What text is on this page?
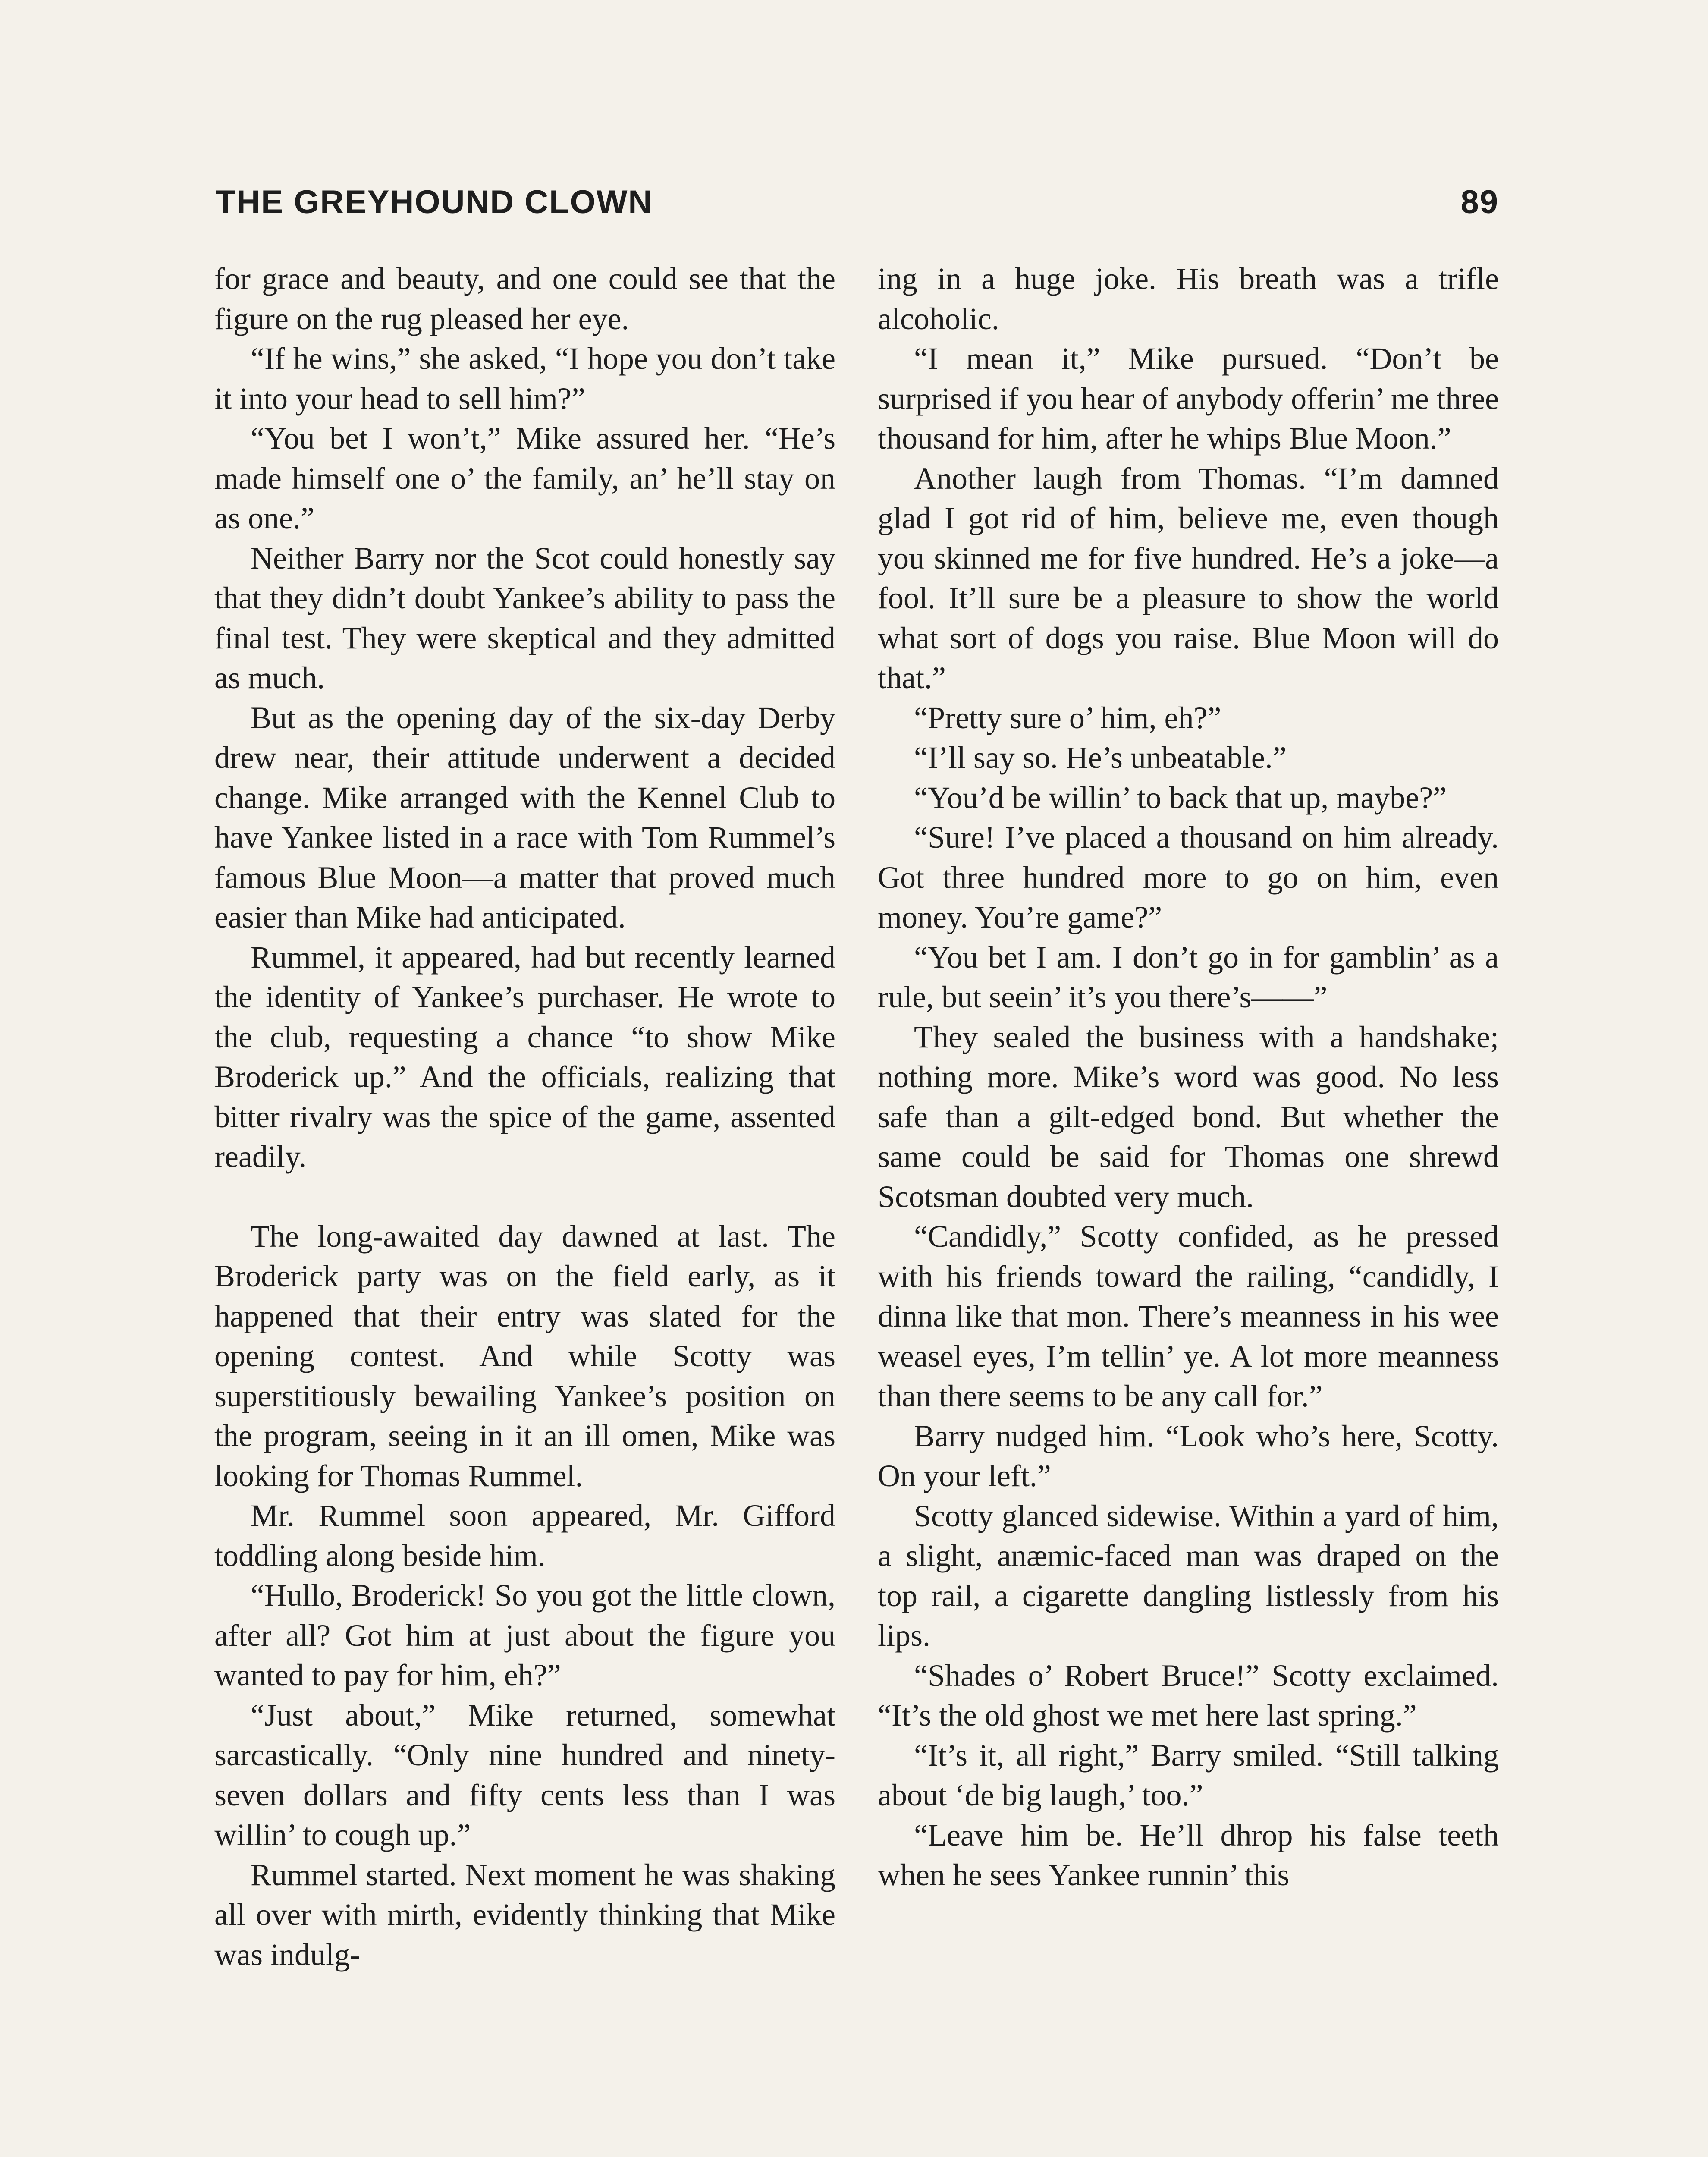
THE GREYHOUND CLOWN	89

for grace and beauty, and one could see that the figure on the rug pleased her eye.

“If he wins,” she asked, “I hope you don’t take it into your head to sell him?”

“You bet I won’t,” Mike assured her. “He’s made himself one o’ the family, an’ he’ll stay on as one.”

Neither Barry nor the Scot could honestly say that they didn’t doubt Yankee’s ability to pass the final test. They were skeptical and they admitted as much.

But as the opening day of the six-day Derby drew near, their attitude underwent a decided change. Mike arranged with the Kennel Club to have Yankee listed in a race with Tom Rummel’s famous Blue Moon—a matter that proved much easier than Mike had anticipated.

Rummel, it appeared, had but recently learned the identity of Yankee’s purchaser. He wrote to the club, requesting a chance “to show Mike Broderick up.” And the officials, realizing that bitter rivalry was the spice of the game, assented readily.

The long-awaited day dawned at last. The Broderick party was on the field early, as it happened that their entry was slated for the opening contest. And while Scotty was superstitiously bewailing Yankee’s position on the program, seeing in it an ill omen, Mike was looking for Thomas Rummel.

Mr. Rummel soon appeared, Mr. Gifford toddling along beside him.

“Hullo, Broderick! So you got the little clown, after all? Got him at just about the figure you wanted to pay for him, eh?”

“Just about,” Mike returned, somewhat sarcastically. “Only nine hundred and ninety-seven dollars and fifty cents less than I was willin’ to cough up.”

Rummel started. Next moment he was shaking all over with mirth, evidently thinking that Mike was indulg-

ing in a huge joke. His breath was a trifle alcoholic.

“I mean it,” Mike pursued. “Don’t be surprised if you hear of anybody offerin’ me three thousand for him, after he whips Blue Moon.”

Another laugh from Thomas. “I’m damned glad I got rid of him, believe me, even though you skinned me for five hundred. He’s a joke—a fool. It’ll sure be a pleasure to show the world what sort of dogs you raise. Blue Moon will do that.”

“Pretty sure o’ him, eh?”

“I’ll say so. He’s unbeatable.”

“You’d be willin’ to back that up, maybe?”

“Sure! I’ve placed a thousand on him already. Got three hundred more to go on him, even money. You’re game?”

“You bet I am. I don’t go in for gamblin’ as a rule, but seein’ it’s you there’s——”

They sealed the business with a handshake; nothing more. Mike’s word was good. No less safe than a gilt-edged bond. But whether the same could be said for Thomas one shrewd Scotsman doubted very much.

“Candidly,” Scotty confided, as he pressed with his friends toward the railing, “candidly, I dinna like that mon. There’s meanness in his wee weasel eyes, I’m tellin’ ye. A lot more meanness than there seems to be any call for.”

Barry nudged him. “Look who’s here, Scotty. On your left.”

Scotty glanced sidewise. Within a yard of him, a slight, anæmic-faced man was draped on the top rail, a cigarette dangling listlessly from his lips.

“Shades o’ Robert Bruce!” Scotty exclaimed. “It’s the old ghost we met here last spring.”

“It’s it, all right,” Barry smiled. “Still talking about ‘de big laugh,’ too.”

“Leave him be. He’ll dhrop his false teeth when he sees Yankee runnin’ this
